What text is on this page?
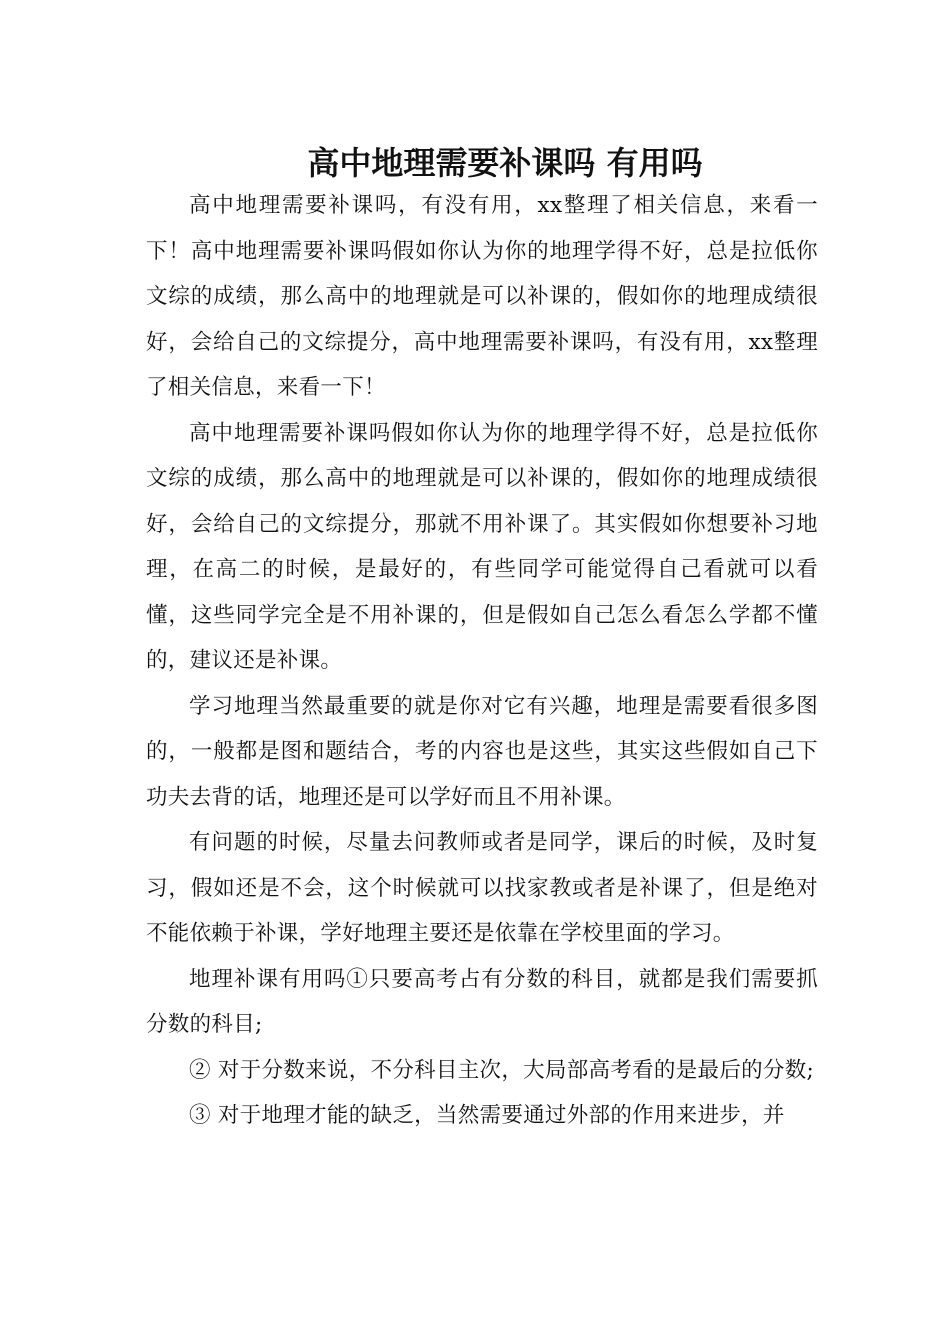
高中地理需要补课吗 有用吗

高中地理需要补课吗，有没有用，xx整理了相关信息，来看一下！高中地理需要补课吗假如你认为你的地理学得不好，总是拉低你文综的成绩，那么高中的地理就是可以补课的，假如你的地理成绩很好，会给自己的文综提分，高中地理需要补课吗，有没有用，xx整理了相关信息，来看一下！

高中地理需要补课吗假如你认为你的地理学得不好，总是拉低你文综的成绩，那么高中的地理就是可以补课的，假如你的地理成绩很好，会给自己的文综提分，那就不用补课了。其实假如你想要补习地理，在高二的时候，是最好的，有些同学可能觉得自己看就可以看懂，这些同学完全是不用补课的，但是假如自己怎么看怎么学都不懂的，建议还是补课。

学习地理当然最重要的就是你对它有兴趣，地理是需要看很多图的，一般都是图和题结合，考的内容也是这些，其实这些假如自己下功夫去背的话，地理还是可以学好而且不用补课。

有问题的时候，尽量去问教师或者是同学，课后的时候，及时复习，假如还是不会，这个时候就可以找家教或者是补课了，但是绝对不能依赖于补课，学好地理主要还是依靠在学校里面的学习。

地理补课有用吗①只要高考占有分数的科目，就都是我们需要抓分数的科目;

② 对于分数来说，不分科目主次，大局部高考看的是最后的分数;

③ 对于地理才能的缺乏，当然需要通过外部的作用来进步，并
